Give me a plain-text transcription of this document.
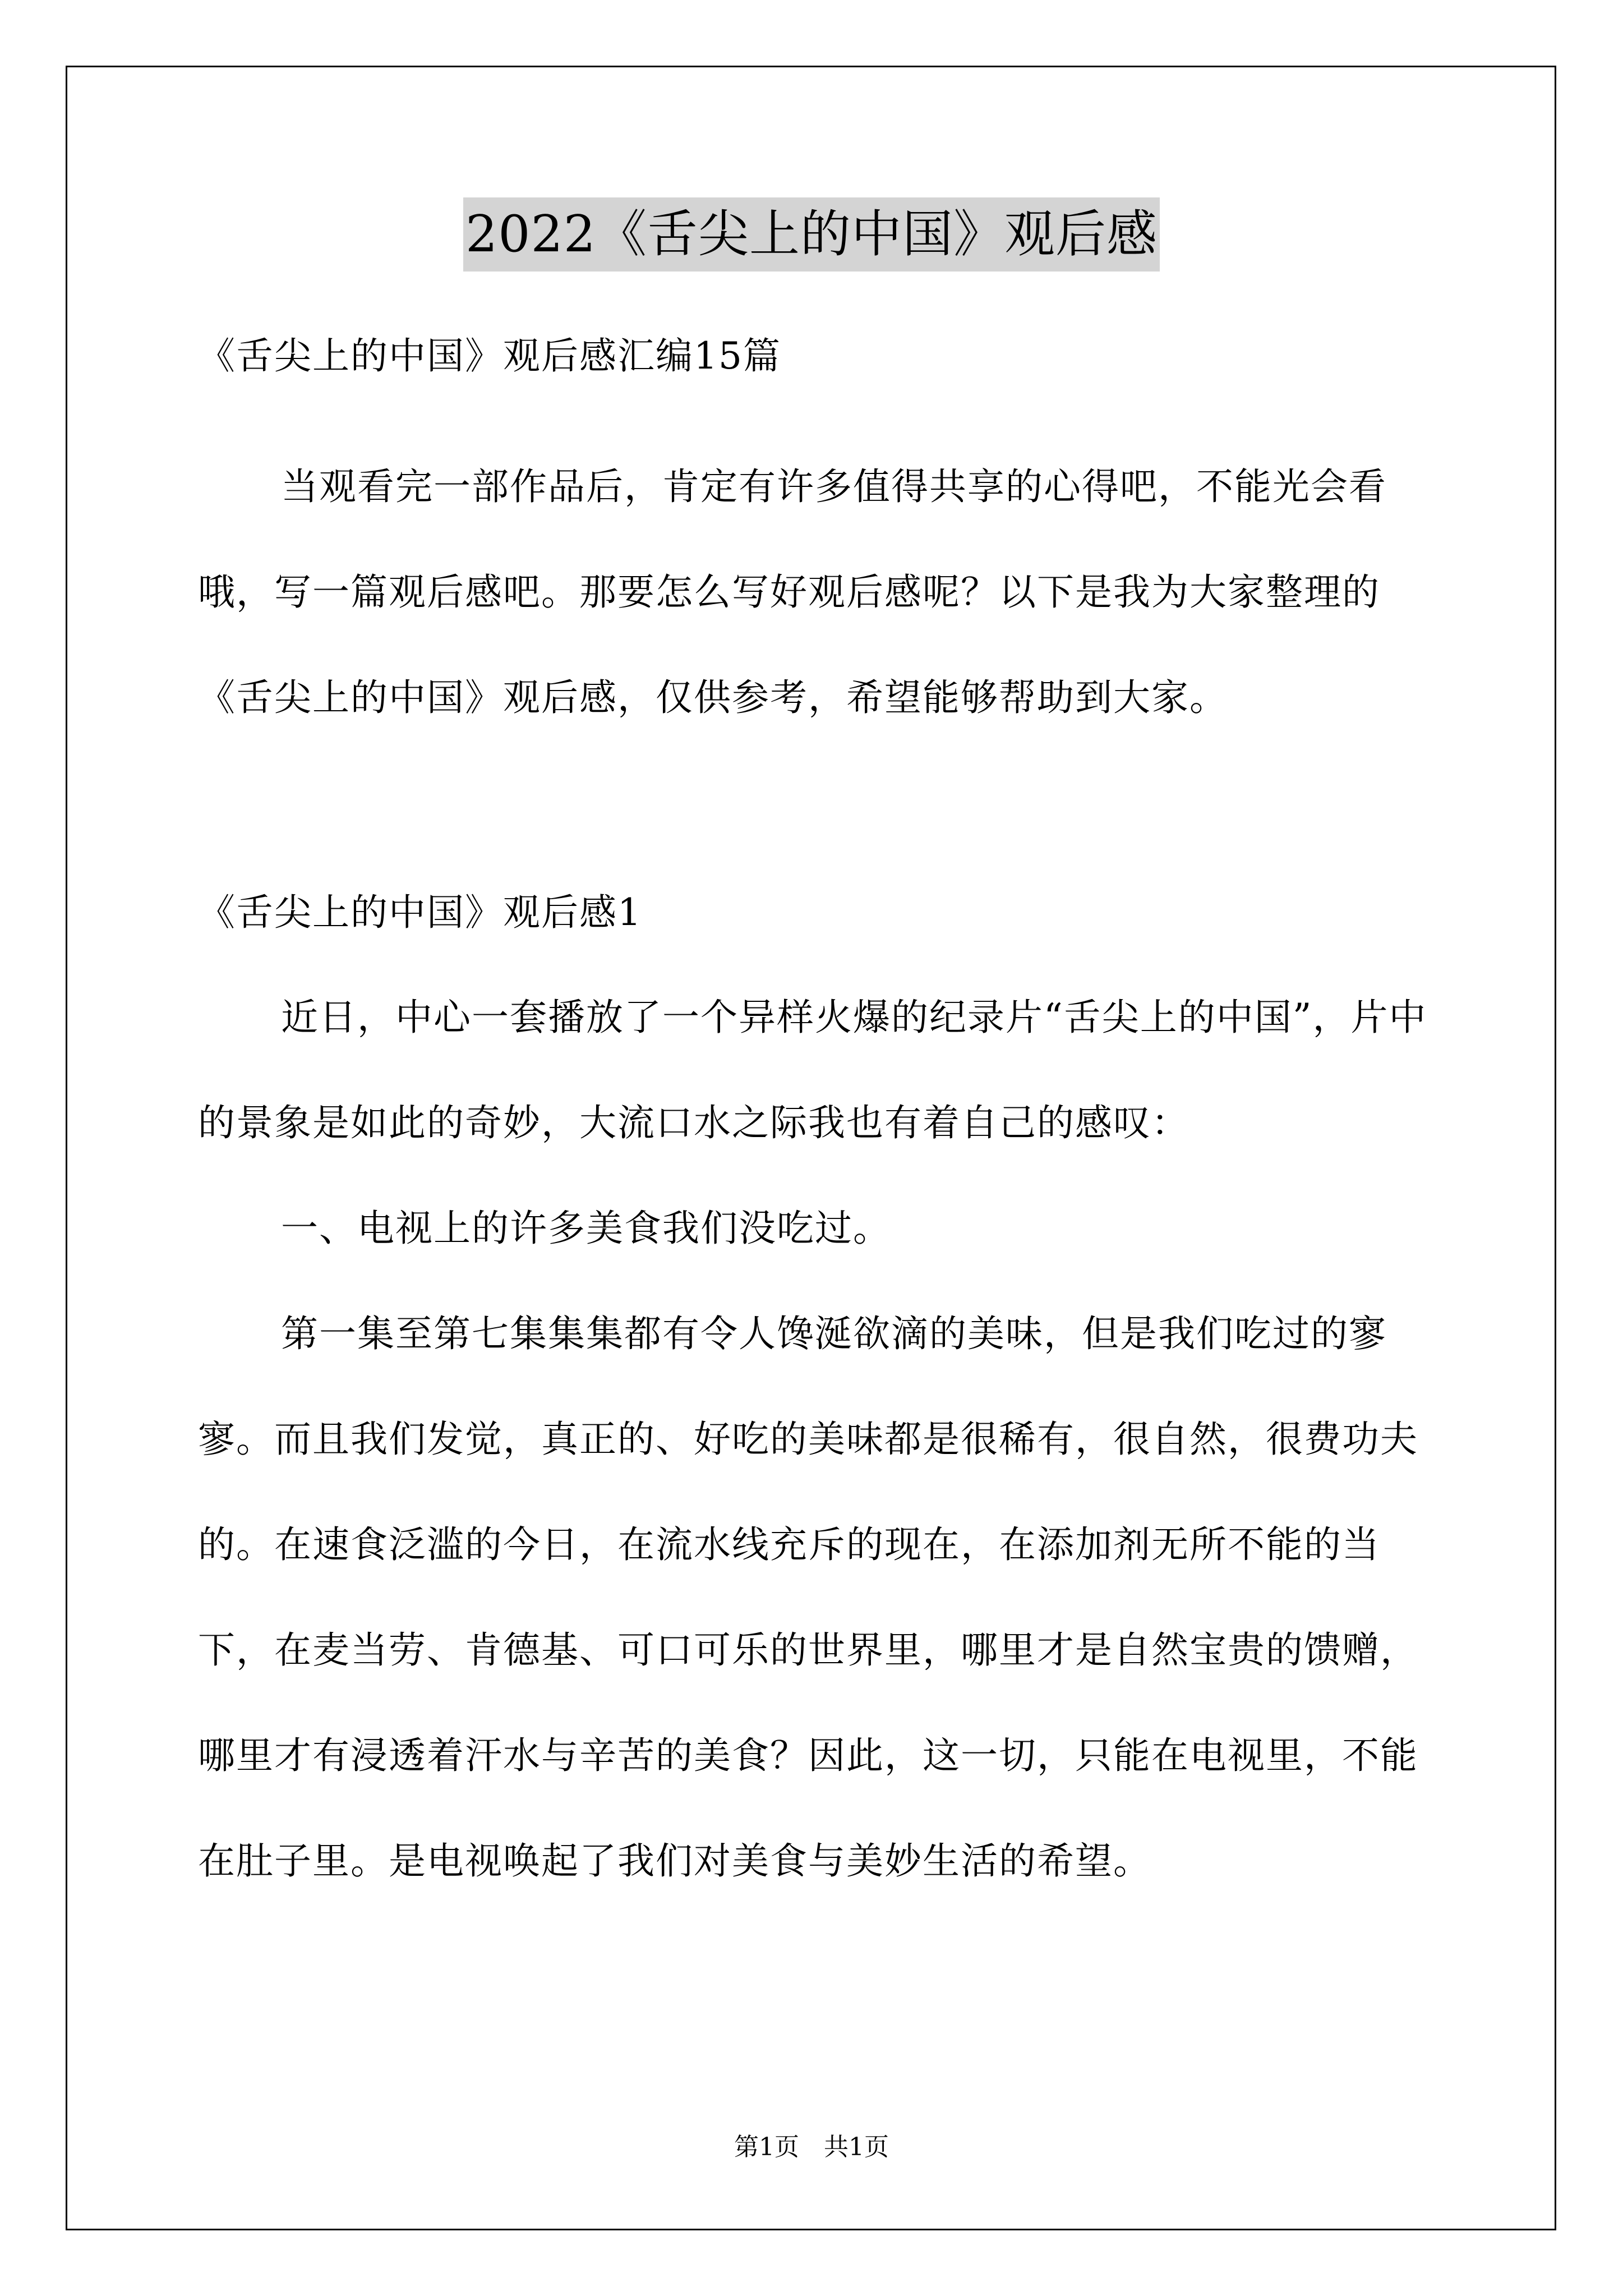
2022《舌尖上的中国》观后感
《舌尖上的中国》观后感汇编15篇
当观看完一部作品后，肯定有许多值得共享的心得吧，不能光会看哦，写一篇观后感吧。那要怎么写好观后感呢？以下是我为大家整理的《舌尖上的中国》观后感，仅供参考，希望能够帮助到大家。
《舌尖上的中国》观后感1
近日，中心一套播放了一个异样火爆的纪录片“舌尖上的中国”，片中的景象是如此的奇妙，大流口水之际我也有着自己的感叹：
一、电视上的许多美食我们没吃过。
第一集至第七集集集都有令人馋涎欲滴的美味，但是我们吃过的寥寥。而且我们发觉，真正的、好吃的美味都是很稀有，很自然，很费功夫的。在速食泛滥的今日，在流水线充斥的现在，在添加剂无所不能的当下，在麦当劳、肯德基、可口可乐的世界里，哪里才是自然宝贵的馈赠，哪里才有浸透着汗水与辛苦的美食？因此，这一切，只能在电视里，不能在肚子里。是电视唤起了我们对美食与美妙生活的希望。
第1页 共1页
